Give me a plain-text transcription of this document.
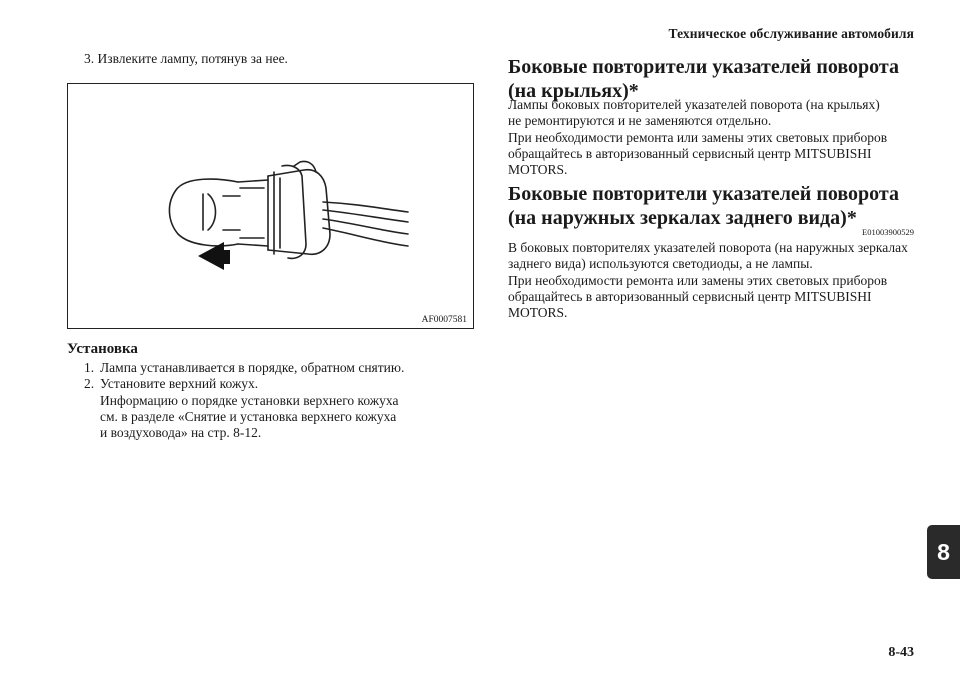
Техническое обслуживание автомобиля
3. Извлеките лампу, потянув за нее.
AF0007581
Установка
1. Лампа устанавливается в порядке, обратном снятию.
2. Установите верхний кожух.
Информацию о порядке установки верхнего кожуха
см. в разделе «Снятие и установка верхнего кожуха
и воздуховода» на стр. 8-12.
Боковые повторители указателей поворота
(на крыльях)*
Лампы боковых повторителей указателей поворота (на крыльях)
не ремонтируются и не заменяются отдельно.
При необходимости ремонта или замены этих световых приборов
обращайтесь в авторизованный сервисный центр MITSUBISHI
MOTORS.
Боковые повторители указателей поворота
(на наружных зеркалах заднего вида)*
E01003900529
В боковых повторителях указателей поворота (на наружных зеркалах
заднего вида) используются светодиоды, а не лампы.
При необходимости ремонта или замены этих световых приборов
обращайтесь в авторизованный сервисный центр MITSUBISHI
MOTORS.
8
8-43
